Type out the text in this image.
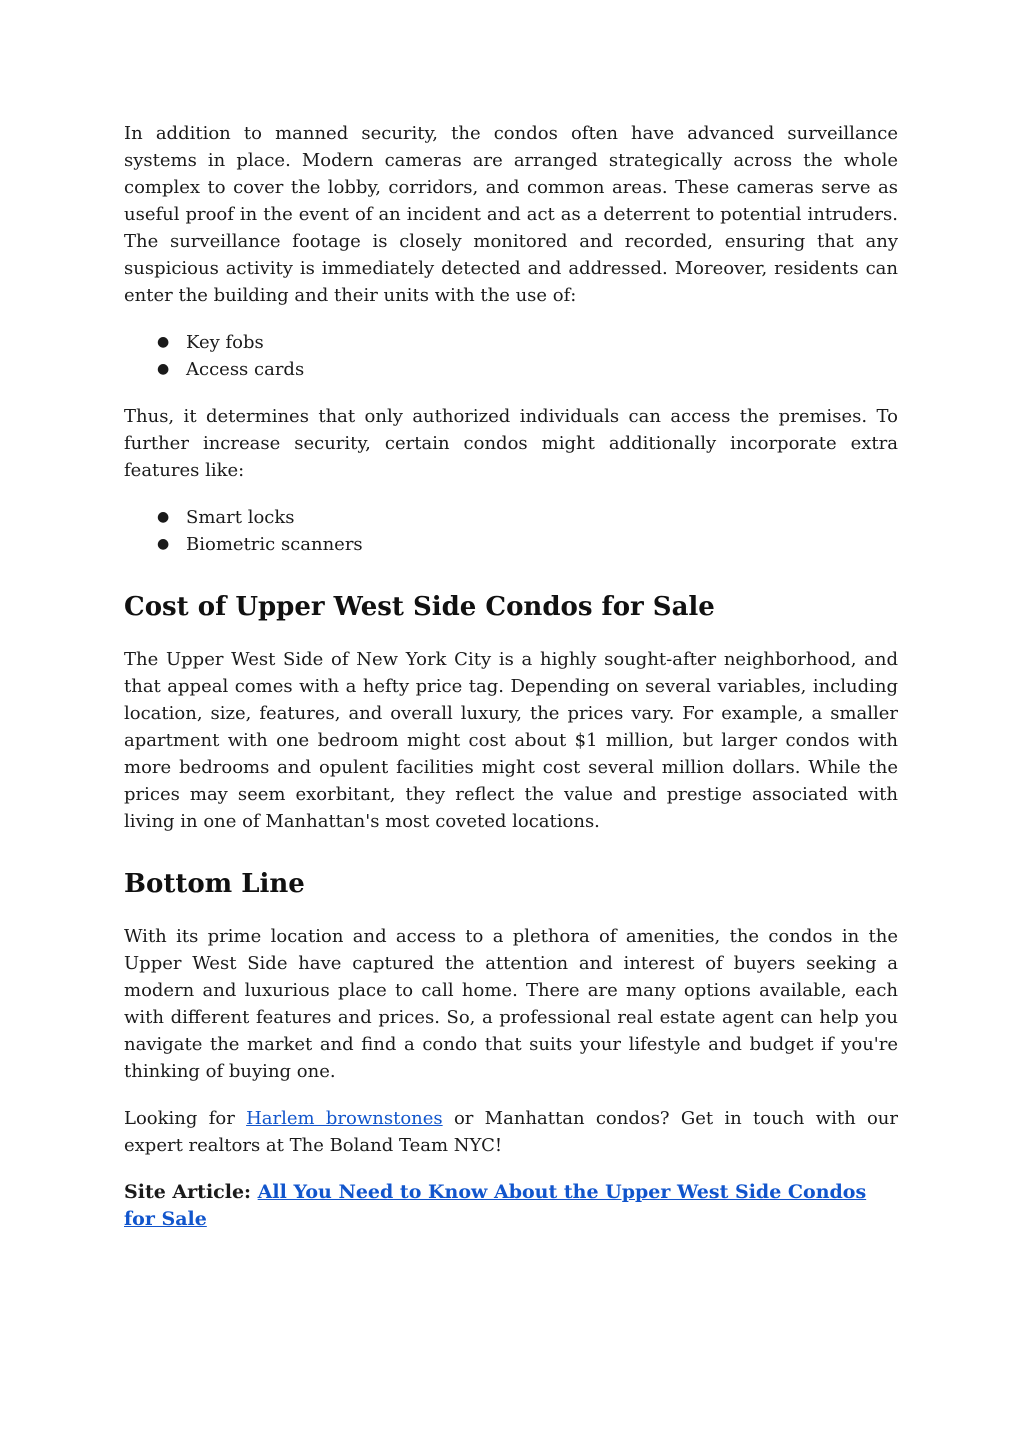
In addition to manned security, the condos often have advanced surveillance systems in place. Modern cameras are arranged strategically across the whole complex to cover the lobby, corridors, and common areas. These cameras serve as useful proof in the event of an incident and act as a deterrent to potential intruders. The surveillance footage is closely monitored and recorded, ensuring that any suspicious activity is immediately detected and addressed. Moreover, residents can enter the building and their units with the use of:

● Key fobs
● Access cards

Thus, it determines that only authorized individuals can access the premises. To further increase security, certain condos might additionally incorporate extra features like:

● Smart locks
● Biometric scanners
Cost of Upper West Side Condos for Sale

The Upper West Side of New York City is a highly sought-after neighborhood, and that appeal comes with a hefty price tag. Depending on several variables, including location, size, features, and overall luxury, the prices vary. For example, a smaller apartment with one bedroom might cost about $1 million, but larger condos with more bedrooms and opulent facilities might cost several million dollars. While the prices may seem exorbitant, they reflect the value and prestige associated with living in one of Manhattan's most coveted locations.

Bottom Line

With its prime location and access to a plethora of amenities, the condos in the Upper West Side have captured the attention and interest of buyers seeking a modern and luxurious place to call home. There are many options available, each with different features and prices. So, a professional real estate agent can help you navigate the market and find a condo that suits your lifestyle and budget if you're thinking of buying one.

Looking for Harlem brownstones or Manhattan condos? Get in touch with our expert realtors at The Boland Team NYC!

Site Article: All You Need to Know About the Upper West Side Condos for Sale
